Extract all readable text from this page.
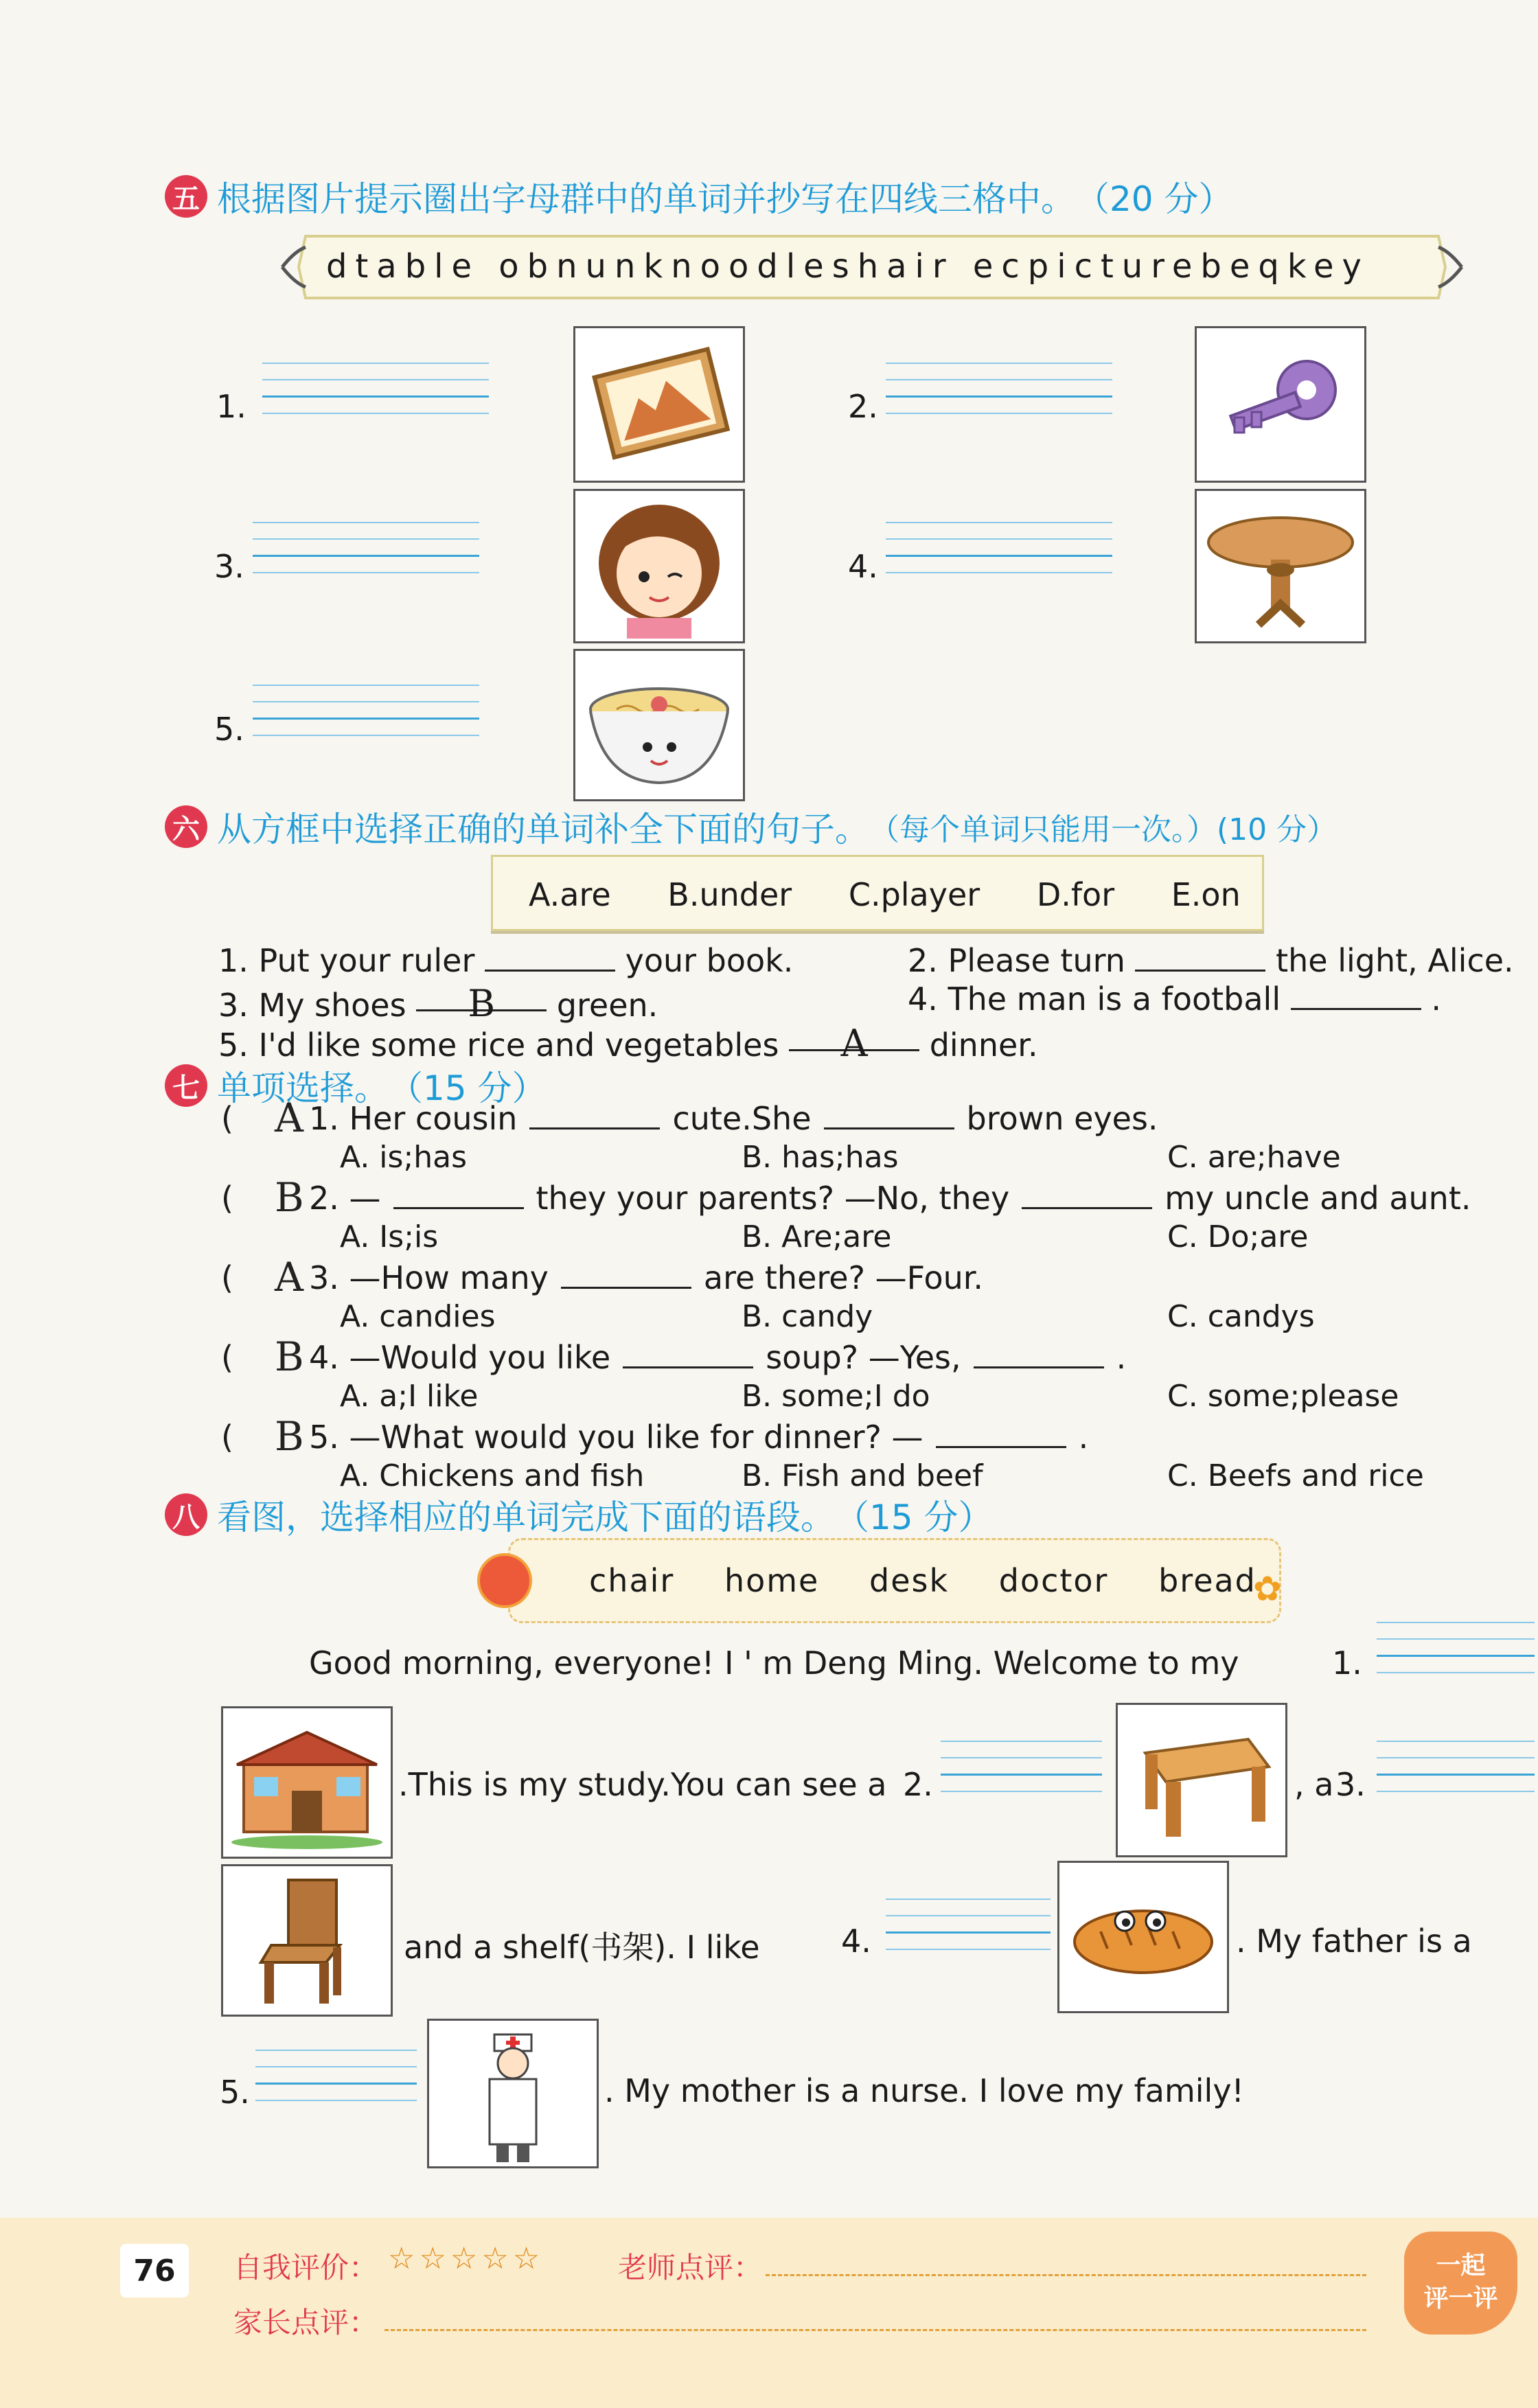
五 根据图片提示圈出字母群中的单词并抄写在四线三格中。 （20 分）
dtable obnunknoodleshair ecpicturebeqkey
1.	2.
3.	4.
5.
六 从方框中选择正确的单词补全下面的句子。 （每个单词只能用一次。）(10 分）
A.are B.under C.player D.for E.on
1. Put your ruler	your book.	2. Please turn	the light, Alice.
3. My shoes B green.	4. The man is a football	.
5. I'd like some rice and vegetables A dinner.
七 单项选择。 （15 分）
( A 1. Her cousin	cute.She	brown eyes.
A. is;has	B. has;has	C. are;have
( B 2. —	they your parents? —No, they	my uncle and aunt.
A. Is;is	B. Are;are	C. Do;are
( A 3. —How many	are there? —Four.
A. candies	B. candy	C. candys
( B 4. —Would you like	soup? —Yes,	.
A. a;I like	B. some;I do	C. some;please
( B 5. —What would you like for dinner? —	.
A. Chickens and fish	B. Fish and beef	C. Beefs and rice
八 看图，选择相应的单词完成下面的语段。 （15 分）
chair home desk doctor bread
✿
Good morning, everyone! I ' m Deng Ming. Welcome to my	1.
.This is my study.You can see a 2.	, a 3.
and a shelf(书架). I like	4.	. My father is a
5.	. My mother is a nurse. I love my family!
76	自我评价： ☆☆☆☆☆	老师点评：
家长点评：
一起
评一评
